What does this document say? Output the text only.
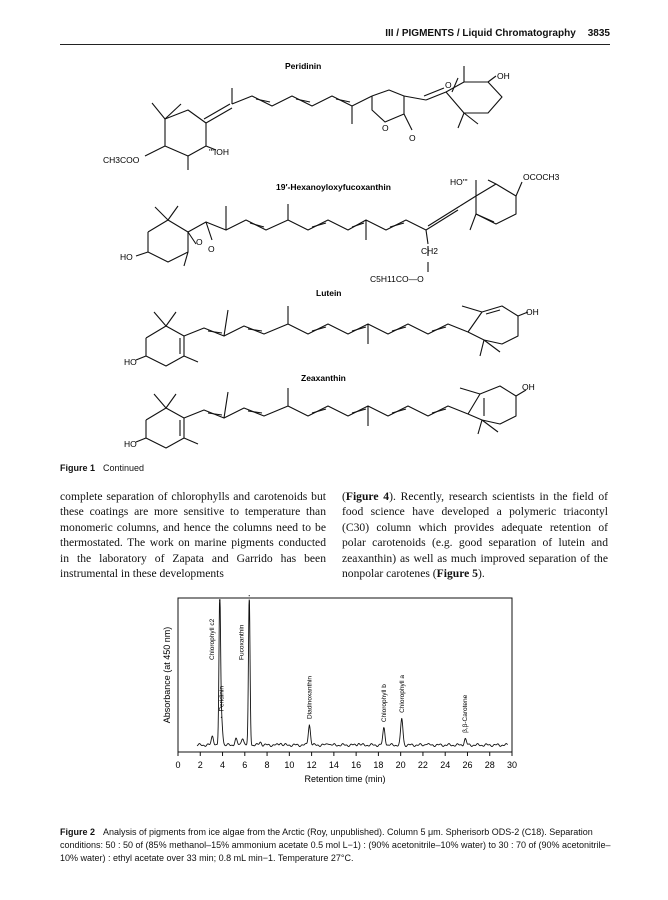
III / PIGMENTS / Liquid Chromatography 3835
Peridinin
OH
O
O
O
'''IOH
CH3COO
19′-Hexanoyloxyfucoxanthin
HO
O
O	CH2
C5H11CO—O
HO'''	OCOCH3
Lutein
HO
OH
Zeaxanthin
HO
OH
Figure 1 Continued
complete separation of chlorophylls and carotenoids but these coatings are more sensitive to temperature than monomeric columns, and hence the columns need to be thermostated. The work on marine pigments conducted in the laboratory of Zapata and Garrido has been instrumental in these developments
(Figure 4). Recently, research scientists in the field of food science have developed a polymeric triacontyl (C30) column which provides adequate retention of polar carotenoids (e.g. good separation of lutein and zeaxanthin) as well as much improved separation of the nonpolar carotenes (Figure 5).
0 2 4 6 8 10 12 14 16 18 20 22 24 26 28 30
Retention time (min)
Absorbance (at 450 nm)	Chlorophyll c2
Peridinin
Fucoxanthin
Diadinoxanthin	Chlorophyll b Chlorophyll a
β,β-Carotene
Figure 2 Analysis of pigments from ice algae from the Arctic (Roy, unpublished). Column 5 μm. Spherisorb ODS-2 (C18). Separation conditions: 50 : 50 of (85% methanol–15% ammonium acetate 0.5 mol L−1) : (90% acetonitrile–10% water) to 30 : 70 of (90% acetonitrile–10% water) : ethyl acetate over 33 min; 0.8 mL min−1. Temperature 27°C.
